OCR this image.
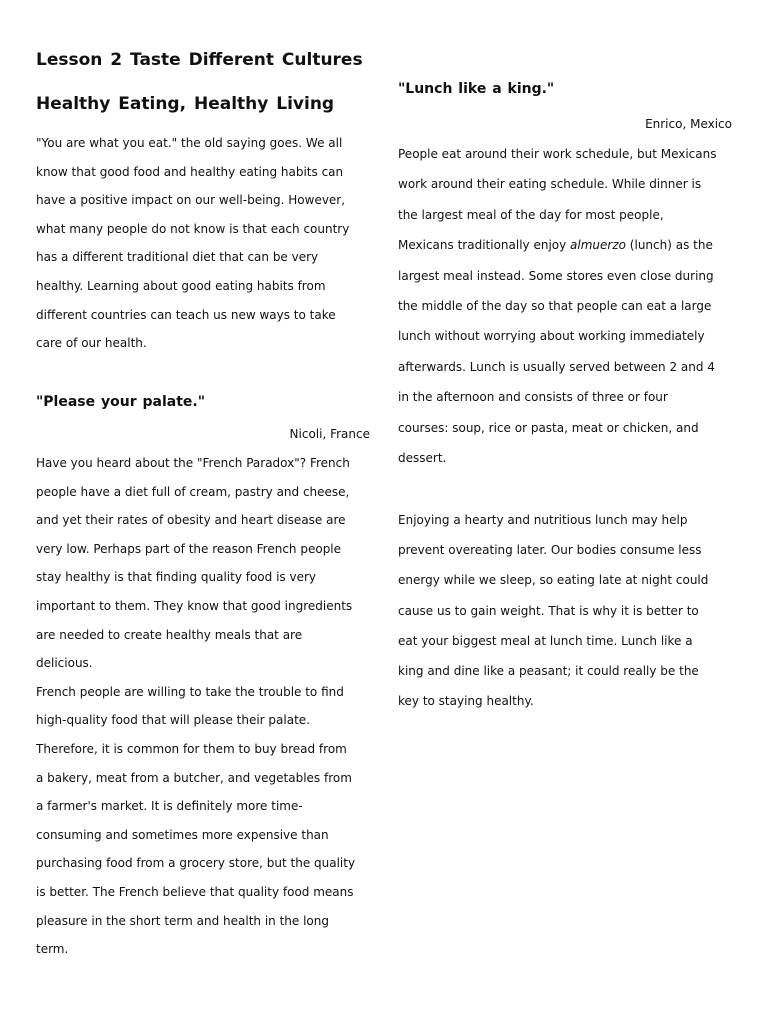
Lesson 2 Taste Different Cultures
Healthy Eating, Healthy Living
"You are what you eat." the old saying goes. We all
know that good food and healthy eating habits can
have a positive impact on our well-being. However,
what many people do not know is that each country
has a different traditional diet that can be very
healthy. Learning about good eating habits from
different countries can teach us new ways to take
care of our health.
"Please your palate."
Nicoli, France
Have you heard about the "French Paradox"? French
people have a diet full of cream, pastry and cheese,
and yet their rates of obesity and heart disease are
very low. Perhaps part of the reason French people
stay healthy is that finding quality food is very
important to them. They know that good ingredients
are needed to create healthy meals that are
delicious.
French people are willing to take the trouble to find
high-quality food that will please their palate.
Therefore, it is common for them to buy bread from
a bakery, meat from a butcher, and vegetables from
a farmer's market. It is definitely more time-
consuming and sometimes more expensive than
purchasing food from a grocery store, but the quality
is better. The French believe that quality food means
pleasure in the short term and health in the long
term.
"Lunch like a king."
Enrico, Mexico
People eat around their work schedule, but Mexicans
work around their eating schedule. While dinner is
the largest meal of the day for most people,
Mexicans traditionally enjoy almuerzo (lunch) as the
largest meal instead. Some stores even close during
the middle of the day so that people can eat a large
lunch without worrying about working immediately
afterwards. Lunch is usually served between 2 and 4
in the afternoon and consists of three or four
courses: soup, rice or pasta, meat or chicken, and
dessert.
Enjoying a hearty and nutritious lunch may help
prevent overeating later. Our bodies consume less
energy while we sleep, so eating late at night could
cause us to gain weight. That is why it is better to
eat your biggest meal at lunch time. Lunch like a
king and dine like a peasant; it could really be the
key to staying healthy.
